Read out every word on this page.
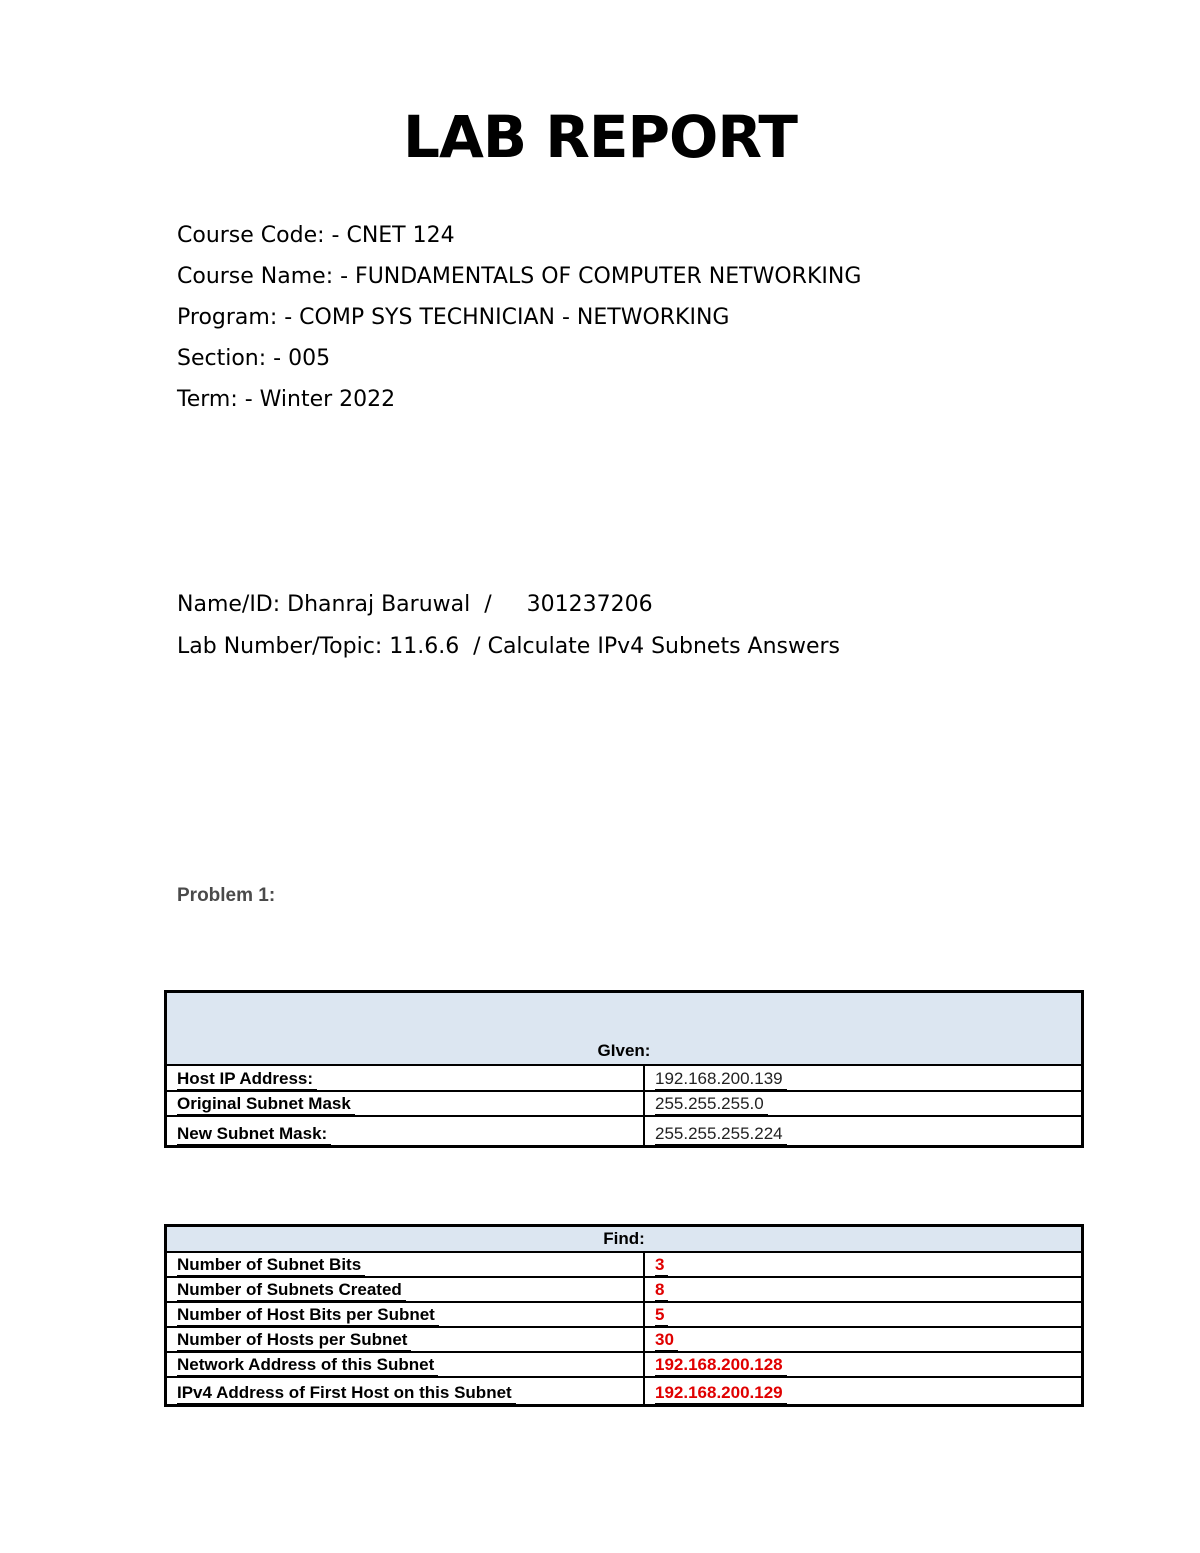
LAB REPORT
Course Code: - CNET 124
Course Name: - FUNDAMENTALS OF COMPUTER NETWORKING
Program: - COMP SYS TECHNICIAN - NETWORKING
Section: - 005
Term: - Winter 2022
Name/ID: Dhanraj Baruwal  /     301237206
Lab Number/Topic: 11.6.6  / Calculate IPv4 Subnets Answers
Problem 1:
GIven:
Host IP Address:	192.168.200.139
Original Subnet Mask	255.255.255.0
New Subnet Mask:	255.255.255.224
Find:
Number of Subnet Bits	3
Number of Subnets Created	8
Number of Host Bits per Subnet	5
Number of Hosts per Subnet	30
Network Address of this Subnet	192.168.200.128
IPv4 Address of First Host on this Subnet	192.168.200.129
